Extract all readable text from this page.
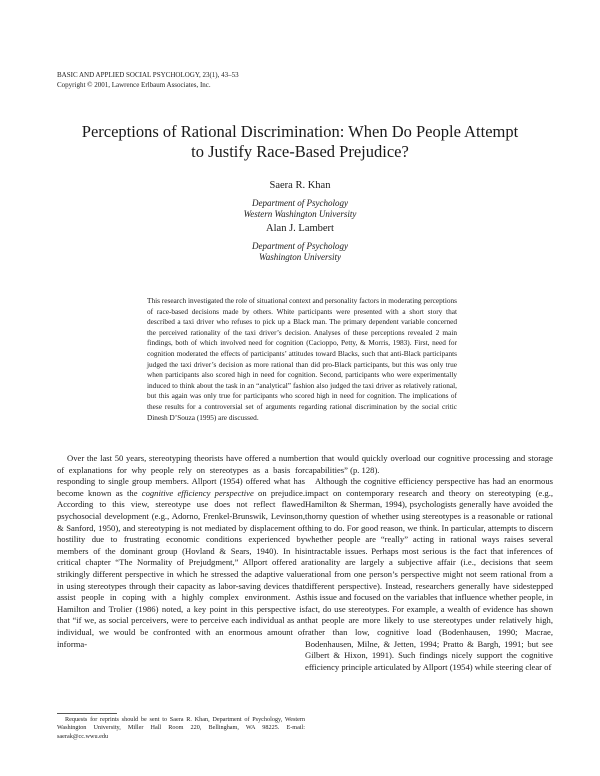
BASIC AND APPLIED SOCIAL PSYCHOLOGY, 23(1), 43–53
Copyright © 2001, Lawrence Erlbaum Associates, Inc.
Perceptions of Rational Discrimination: When Do People Attempt
to Justify Race-Based Prejudice?
Saera R. Khan
Department of Psychology
Western Washington University
Alan J. Lambert
Department of Psychology
Washington University

This research investigated the role of situational context and personality factors in moderating perceptions of race-based decisions made by others. White participants were presented with a short story that described a taxi driver who refuses to pick up a Black man. The primary dependent variable concerned the perceived rationality of the taxi driver’s decision. Analyses of these perceptions revealed 2 main findings, both of which involved need for cognition (Cacioppo, Petty, & Morris, 1983). First, need for cognition moderated the effects of participants’ attitudes toward Blacks, such that anti-Black participants judged the taxi driver’s decision as more rational than did pro-Black participants, but this was only true when participants also scored high in need for cognition. Second, participants who were experimentally induced to think about the task in an “analytical” fashion also judged the taxi driver as relatively rational, but this again was only true for participants who scored high in need for cognition. The implications of these results for a controversial set of arguments regarding rational discrimination by the social critic Dinesh D’Souza (1995) are discussed.

Over the last 50 years, stereotyping theorists have offered a number of explanations for why people rely on stereotypes as a basis for responding to single group members. Allport (1954) offered what has become known as the cognitive efficiency perspective on prejudice. According to this view, stereotype use does not reflect flawed psychosocial development (e.g., Adorno, Frenkel-Brunswik, Levinson, & Sanford, 1950), and stereotyping is not mediated by displacement of hostility due to frustrating economic conditions experienced by members of the dominant group (Hovland & Sears, 1940). In his critical chapter “The Normality of Prejudgment,” Allport offered a strikingly different perspective in which he stressed the adaptive value in using stereotypes through their capacity as labor-saving devices that assist people in coping with a highly complex environment. As Hamilton and Trolier (1986) noted, a key point in this perspective is that “if we, as social perceivers, were to perceive each individual as an individual, we would be confronted with an enormous amount of informa-

tion that would quickly overload our cognitive processing and storage capabilities” (p. 128).

Although the cognitive efficiency perspective has had an enormous impact on contemporary research and theory on stereotyping (e.g., Hamilton & Sherman, 1994), psychologists generally have avoided the thorny question of whether using stereotypes is a reasonable or rational thing to do. For good reason, we think. In particular, attempts to discern whether people are “really” acting in rational ways raises several intractable issues. Perhaps most serious is the fact that inferences of rationality are largely a subjective affair (i.e., decisions that seem rational from one person’s perspective might not seem rational from a different perspective). Instead, researchers generally have sidestepped this issue and focused on the variables that influence whether people, in fact, do use stereotypes. For example, a wealth of evidence has shown that people are more likely to use stereotypes under relatively high, rather than low, cognitive load (Bodenhausen, 1990; Macrae, Bodenhausen, Milne, & Jetten, 1994; Pratto & Bargh, 1991; but see Gilbert & Hixon, 1991). Such findings nicely support the cognitive efficiency principle articulated by Allport (1954) while steering clear of

Requests for reprints should be sent to Saera R. Khan, Department of Psychology, Western Washington University, Miller Hall Room 220, Bellingham, WA 98225. E-mail: saerak@cc.wwu.edu
